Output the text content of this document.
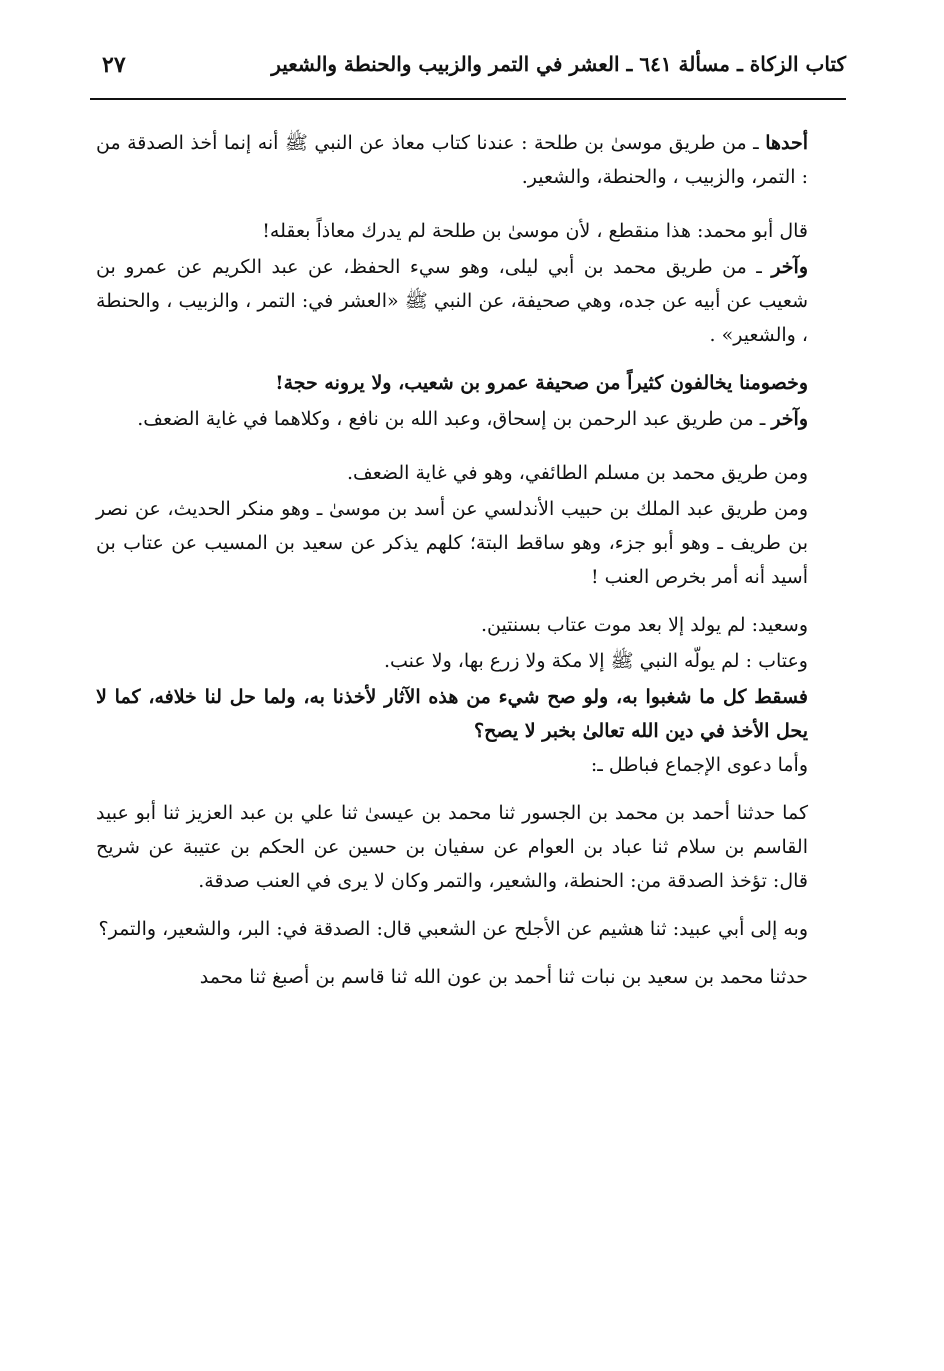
كتاب الزكاة ـ مسألة ٦٤١ ـ العشر في التمر والزبيب والحنطة والشعير
٢٧

أحدها ـ من طريق موسىٰ بن طلحة : عندنا كتاب معاذ عن النبي ﷺ أنه إنما أخذ الصدقة من : التمر، والزبيب ، والحنطة، والشعير.

قال أبو محمد: هذا منقطع ، لأن موسىٰ بن طلحة لم يدرك معاذاً بعقله!

وآخر ـ من طريق محمد بن أبي ليلى، وهو سيء الحفظ، عن عبد الكريم عن عمرو بن شعيب عن أبيه عن جده، وهي صحيفة، عن النبي ﷺ «العشر في: التمر ، والزبيب ، والحنطة ، والشعير» .

وخصومنا يخالفون كثيراً من صحيفة عمرو بن شعيب، ولا يرونه حجة!

وآخر ـ من طريق عبد الرحمن بن إسحاق، وعبد الله بن نافع ، وكلاهما في غاية الضعف.

ومن طريق محمد بن مسلم الطائفي، وهو في غاية الضعف.

ومن طريق عبد الملك بن حبيب الأندلسي عن أسد بن موسىٰ ـ وهو منكر الحديث، عن نصر بن طريف ـ وهو أبو جزء، وهو ساقط البتة؛ كلهم يذكر عن سعيد بن المسيب عن عتاب بن أسيد أنه أمر بخرص العنب !

وسعيد: لم يولد إلا بعد موت عتاب بسنتين.

وعتاب : لم يولّه النبي ﷺ إلا مكة ولا زرع بها، ولا عنب.

فسقط كل ما شغبوا به، ولو صح شيء من هذه الآثار لأخذنا به، ولما حل لنا خلافه، كما لا يحل الأخذ في دين الله تعالىٰ بخبر لا يصح؟

وأما دعوى الإجماع فباطل ـ:

كما حدثنا أحمد بن محمد بن الجسور ثنا محمد بن عيسىٰ ثنا علي بن عبد العزيز ثنا أبو عبيد القاسم بن سلام ثنا عباد بن العوام عن سفيان بن حسين عن الحكم بن عتيبة عن شريح قال: تؤخذ الصدقة من: الحنطة، والشعير، والتمر وكان لا يرى في العنب صدقة.

وبه إلى أبي عبيد: ثنا هشيم عن الأجلح عن الشعبي قال: الصدقة في: البر، والشعير، والتمر؟

حدثنا محمد بن سعيد بن نبات ثنا أحمد بن عون الله ثنا قاسم بن أصبغ ثنا محمد
